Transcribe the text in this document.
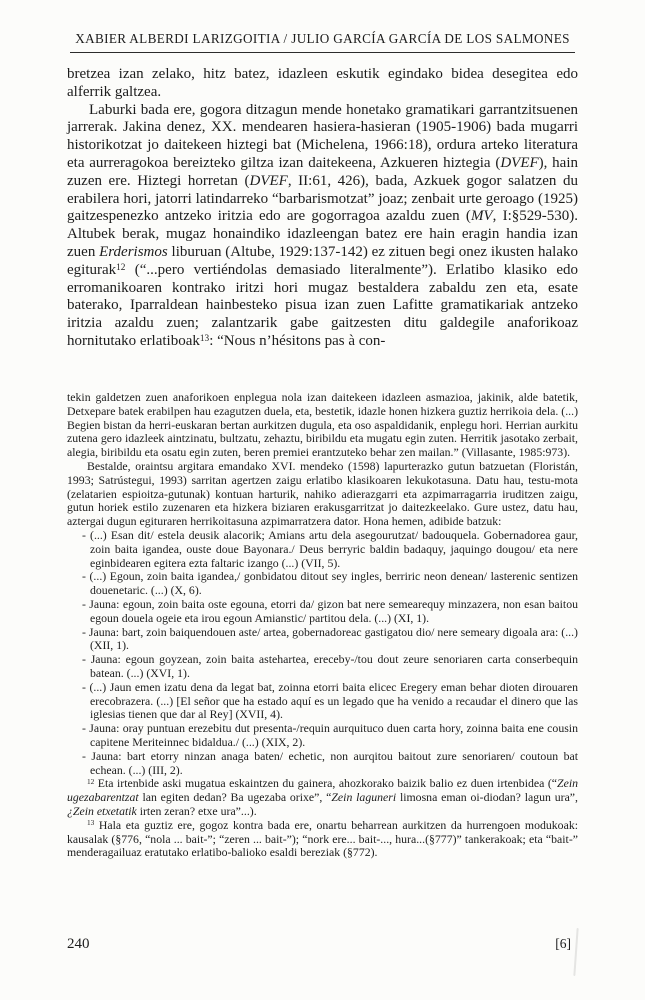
XABIER ALBERDI LARIZGOITIA / JULIO GARCÍA GARCÍA DE LOS SALMONES

bretzea izan zelako, hitz batez, idazleen eskutik egindako bidea desegitea edo alferrik galtzea.

Laburki bada ere, gogora ditzagun mende honetako gramatikari garrantzitsuenen jarrerak. Jakina denez, XX. mendearen hasiera-hasieran (1905-1906) bada mugarri historikotzat jo daitekeen hiztegi bat (Michelena, 1966:18), ordura arteko literatura eta aurreragokoa bereizteko giltza izan daitekeena, Azkueren hiztegia (DVEF), hain zuzen ere. Hiztegi horretan (DVEF, II:61, 426), bada, Azkuek gogor salatzen du erabilera hori, jatorri latindarreko “barbarismotzat” joaz; zenbait urte geroago (1925) gaitzespenezko antzeko iritzia edo are gogorragoa azaldu zuen (MV, I:§529-530). Altubek berak, mugaz honaindiko idazleengan batez ere hain eragin handia izan zuen Erderismos liburuan (Altube, 1929:137-142) ez zituen begi onez ikusten halako egiturak$^{12}$ (“...pero vertiéndolas demasiado literalmente”). Erlatibo klasiko edo erromanikoaren kontrako iritzi hori mugaz bestaldera zabaldu zen eta, esate baterako, Iparraldean hainbesteko pisua izan zuen Lafitte gramatikariak antzeko iritzia azaldu zuen; zalantzarik gabe gaitzesten ditu galdegile anaforikoaz hornitutako erlatiboak$^{13}$: “Nous n’hésitons pas à con-

tekin galdetzen zuen anaforikoen enplegua nola izan daitekeen idazleen asmazioa, jakinik, alde batetik, Detxepare batek erabilpen hau ezagutzen duela, eta, bestetik, idazle honen hizkera guztiz herrikoia dela. (...) Begien bistan da herri-euskaran bertan aurkitzen dugula, eta oso aspaldidanik, enplegu hori. Herrian aurkitu zutena gero idazleek aintzinatu, bultzatu, zehaztu, biribildu eta mugatu egin zuten. Herritik jasotako zerbait, alegia, biribildu eta osatu egin zuten, beren premiei erantzuteko behar zen mailan.” (Villasante, 1985:973).

Bestalde, oraintsu argitara emandako XVI. mendeko (1598) lapurterazko gutun batzuetan (Floristán, 1993; Satrústegui, 1993) sarritan agertzen zaigu erlatibo klasikoaren lekukotasuna. Datu hau, testu-mota (zelatarien espioitza-gutunak) kontuan harturik, nahiko adierazgarri eta azpimarragarria iruditzen zaigu, gutun horiek estilo zuzenaren eta hizkera biziaren erakusgarritzat jo daitezkeelako. Gure ustez, datu hau, aztergai dugun egituraren herrikoitasuna azpimarratzera dator. Hona hemen, adibide batzuk:

- (...) Esan dit/ estela deusik alacorik; Amians artu dela asegourutzat/ badouquela. Gobernadorea gaur, zoin baita igandea, ouste doue Bayonara./ Deus berryric baldin badaquy, jaquingo dougou/ eta nere eginbidearen egitera ezta faltaric izango (...) (VII, 5).
- (...) Egoun, zoin baita igandea,/ gonbidatou ditout sey ingles, berriric neon denean/ lasterenic sentizen douenetaric. (...) (X, 6).
- Jauna: egoun, zoin baita oste egouna, etorri da/ gizon bat nere semearequy minzazera, non esan baitou egoun douela ogeie eta irou egoun Amianstic/ partitou dela. (...) (XI, 1).
- Jauna: bart, zoin baiquendouen aste/ artea, gobernadoreac gastigatou dio/ nere semeary digoala ara: (...) (XII, 1).
- Jauna: egoun goyzean, zoin baita astehartea, ereceby-/tou dout zeure senoriaren carta conserbequin batean. (...) (XVI, 1).
- (...) Jaun emen izatu dena da legat bat, zoinna etorri baita elicec Eregery eman behar dioten dirouaren erecobrazera. (...) [El señor que ha estado aquí es un legado que ha venido a recaudar el dinero que las iglesias tienen que dar al Rey] (XVII, 4).
- Jauna: oray puntuan erezebitu dut presenta-/requin aurquituco duen carta hory, zoinna baita ene cousin capitene Meriteinnec bidaldua./ (...) (XIX, 2).
- Jauna: bart etorry ninzan anaga baten/ echetic, non aurqitou baitout zure senoriaren/ coutoun bat echean. (...) (III, 2).

$^{12}$ Eta irtenbide aski mugatua eskaintzen du gainera, ahozkorako baizik balio ez duen irtenbidea (“Zein ugezabarentzat lan egiten dedan? Ba ugezaba orixe”, “Zein laguneri limosna eman oi-diodan? lagun ura”, ¿Zein etxetatik irten zeran? etxe ura”...).

$^{13}$ Hala eta guztiz ere, gogoz kontra bada ere, onartu beharrean aurkitzen da hurrengoen modukoak: kausalak (§776, “nola ... bait-”; “zeren ... bait-”); “nork ere... bait-..., hura...(§777)” tankerakoak; eta “bait-” menderagailuaz eratutako erlatibo-balioko esaldi bereziak (§772).

240	[6]
